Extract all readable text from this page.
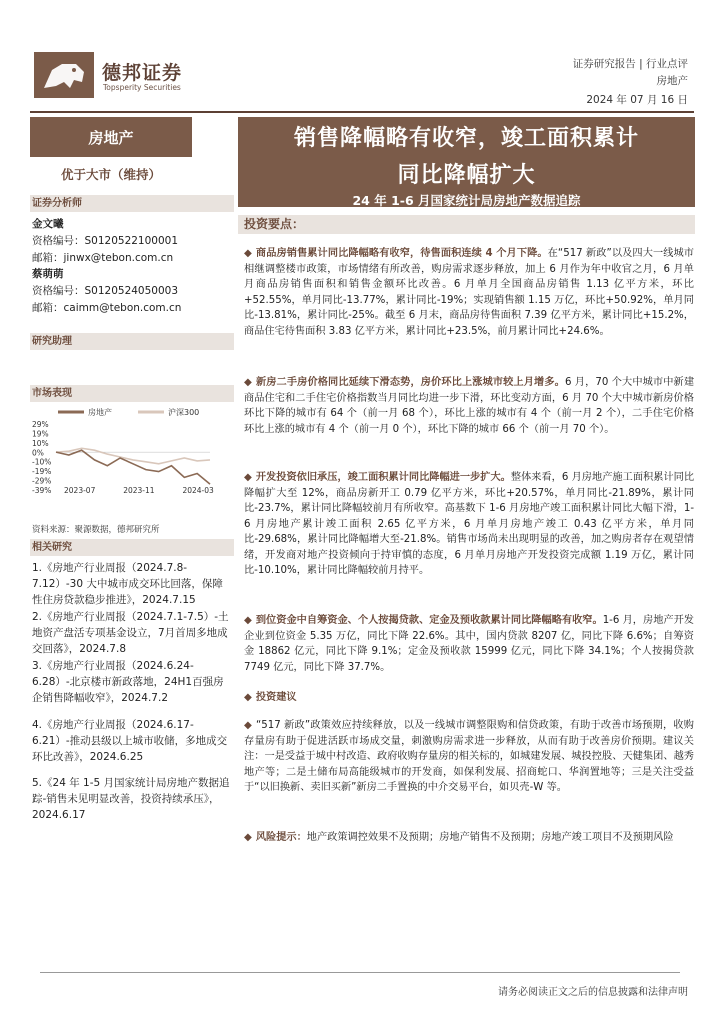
德邦证券
Topsperity Securities
证券研究报告 | 行业点评
房地产
2024 年 07 月 16 日
房地产
优于大市（维持）
证券分析师
金文曦
资格编号：S0120522100001
邮箱：jinwx@tebon.com.cn
蔡萌萌
资格编号：S0120524050003
邮箱：caimm@tebon.com.cn
研究助理
市场表现
房地产	沪深300
29%
19%
10%
0%
-10%
-19%
-29%
-39% 2023-07	2023-11	2024-03
资料来源：聚源数据，德邦研究所
相关研究
1.《房地产行业周报（2024.7.8-7.12）-30 大中城市成交环比回落，保障性住房贷款稳步推进》，2024.7.15
2.《房地产行业周报（2024.7.1-7.5）-土地资产盘活专项基金设立，7月首周多地成交回落》，2024.7.8
3.《房地产行业周报（2024.6.24-6.28）-北京楼市新政落地，24H1百强房企销售降幅收窄》，2024.7.2
4.《房地产行业周报（2024.6.17-6.21）-推动县级以上城市收储，多地成交环比改善》，2024.6.25
5.《24 年 1-5 月国家统计局房地产数据追踪-销售未见明显改善，投资持续承压》，2024.6.17
销售降幅略有收窄，竣工面积累计
同比降幅扩大
24 年 1-6 月国家统计局房地产数据追踪
投资要点：
◆ 商品房销售累计同比降幅略有收窄，待售面积连续 4 个月下降。在“517 新政”以及四大一线城市相继调整楼市政策，市场情绪有所改善，购房需求逐步释放，加上 6 月作为年中收官之月，6 月单月商品房销售面积和销售金额环比改善。6 月单月全国商品房销售 1.13 亿平方米，环比+52.55%，单月同比-13.77%，累计同比-19%；实现销售额 1.15 万亿，环比+50.92%，单月同比-13.81%，累计同比-25%。截至 6 月末，商品房待售面积 7.39 亿平方米，累计同比+15.2%，商品住宅待售面积 3.83 亿平方米，累计同比+23.5%，前月累计同比+24.6%。
◆ 新房二手房价格同比延续下滑态势，房价环比上涨城市较上月增多。6 月，70 个大中城市中新建商品住宅和二手住宅价格指数当月同比均进一步下滑，环比变动方面，6 月 70 个大中城市新房价格环比下降的城市有 64 个（前一月 68 个），环比上涨的城市有 4 个（前一月 2 个），二手住宅价格环比上涨的城市有 4 个（前一月 0 个），环比下降的城市 66 个（前一月 70 个）。
◆ 开发投资依旧承压，竣工面积累计同比降幅进一步扩大。整体来看，6 月房地产施工面积累计同比降幅扩大至 12%，商品房新开工 0.79 亿平方米，环比+20.57%，单月同比-21.89%，累计同比-23.7%，累计同比降幅较前月有所收窄。高基数下 1-6 月房地产竣工面积累计同比大幅下滑，1-6 月房地产累计竣工面积 2.65 亿平方米，6 月单月房地产竣工 0.43 亿平方米，单月同比-29.68%，累计同比降幅增大至-21.8%。销售市场尚未出现明显的改善，加之购房者存在观望情绪，开发商对地产投资倾向于持审慎的态度，6 月单月房地产开发投资完成额 1.19 万亿，累计同比-10.10%，累计同比降幅较前月持平。
◆ 到位资金中自筹资金、个人按揭贷款、定金及预收款累计同比降幅略有收窄。1-6 月，房地产开发企业到位资金 5.35 万亿，同比下降 22.6%。其中，国内贷款 8207 亿，同比下降 6.6%；自筹资金 18862 亿元，同比下降 9.1%；定金及预收款 15999 亿元，同比下降 34.1%；个人按揭贷款 7749 亿元，同比下降 37.7%。
◆ 投资建议
◆ “517 新政”政策效应持续释放，以及一线城市调整限购和信贷政策，有助于改善市场预期，收购存量房有助于促进活跃市场成交量，刺激购房需求进一步释放，从而有助于改善房价预期。建议关注：一是受益于城中村改造、政府收购存量房的相关标的，如城建发展、城投控股、天健集团、越秀地产等；二是土储布局高能级城市的开发商，如保利发展、招商蛇口、华润置地等；三是关注受益于“以旧换新、卖旧买新”新房二手置换的中介交易平台，如贝壳-W 等。
◆ 风险提示：地产政策调控效果不及预期；房地产销售不及预期；房地产竣工项目不及预期风险
请务必阅读正文之后的信息披露和法律声明
